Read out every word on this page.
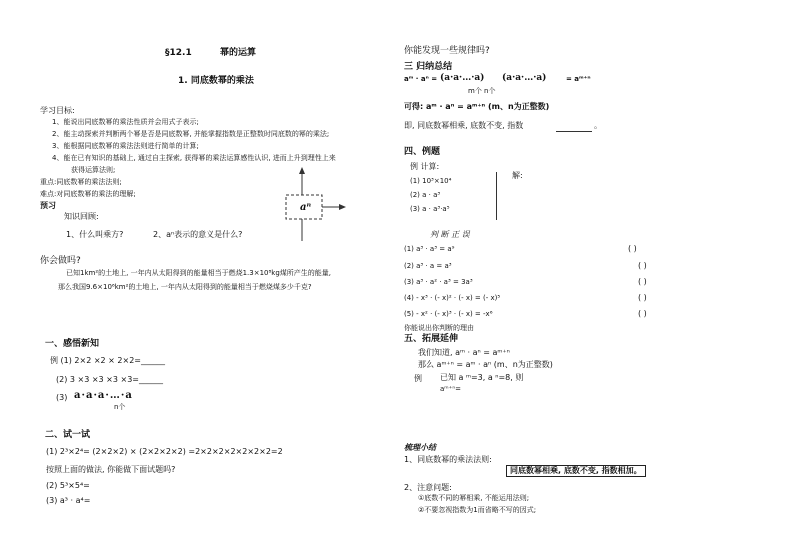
§12.1	幂的运算
1. 同底数幂的乘法
学习目标:
1、能说出同底数幂的乘法性质并会用式子表示;
2、能主动探索并判断两个幂是否是同底数幂, 并能掌握指数是正整数时同底数的幂的乘法;
3、能根据同底数幂的乘法法则进行简单的计算;
4、能在已有知识的基础上, 通过自主探索, 获得幂的乘法运算感性认识, 进而上升到理性上来
获得运算法则;
重点:同底数幂的乘法法则;
难点:对同底数幂的乘法的理解;
预习
知识回顾:
1、什么叫乘方?	2、aⁿ表示的意义是什么?
aⁿ
你会做吗?
已知1km²的土地上, 一年内从太阳得到的能量相当于燃烧1.3×10⁸kg煤所产生的能量,
那么我国9.6×10⁶km²的土地上, 一年内从太阳得到的能量相当于燃烧煤多少千克?
一、感悟新知
例 (1) 2×2 ×2 × 2×2=______
(2) 3 ×3 ×3 ×3 ×3=______
(3) a·a·a·…·a
n个
二、试一试
(1) 2³×2⁴= (2×2×2) × (2×2×2×2) =2×2×2×2×2×2×2=2
按照上面的做法, 你能做下面试题吗?
(2) 5³×5⁴=
(3) a³ · a⁴=
你能发现一些规律吗?
三 归纳总结
aᵐ · aⁿ = (a·a·…·a) (a·a·…·a)	= aᵐ⁺ⁿ
m个 n个
可得: aᵐ · aⁿ = aᵐ⁺ⁿ (m、n为正整数)
即, 同底数幂相乘, 底数不变, 指数	。
四、例题
例 计算:
(1) 10³×10⁴
(2) a · a³
(3) a · a³·a⁵
解:
判 断 正 误
(1) a³ · a³ = a⁹	( )
(2) a³ · a = a³	( )
(3) a³ · a² · a³ = 3a³	( )
(4) - x³ · (- x)² · (- x) = (- x)⁵	( )
(5) - x² · (- x)³ · (- x) = -x⁶	( )
你能说出你判断的理由
五、拓展延伸
我们知道, aᵐ · aⁿ = aᵐ⁺ⁿ
那么 aᵐ⁺ⁿ = aᵐ · aⁿ (m、n为正整数)
例 已知 a ᵐ=3, a ⁿ=8, 则
aᵐ⁺ⁿ=
梳理小结
1、同底数幂的乘法法则:
同底数幂相乘, 底数不变, 指数相加。
2、注意问题:
①底数不同的幂相乘, 不能运用法则;
②不要忽视指数为1而省略不写的因式;
